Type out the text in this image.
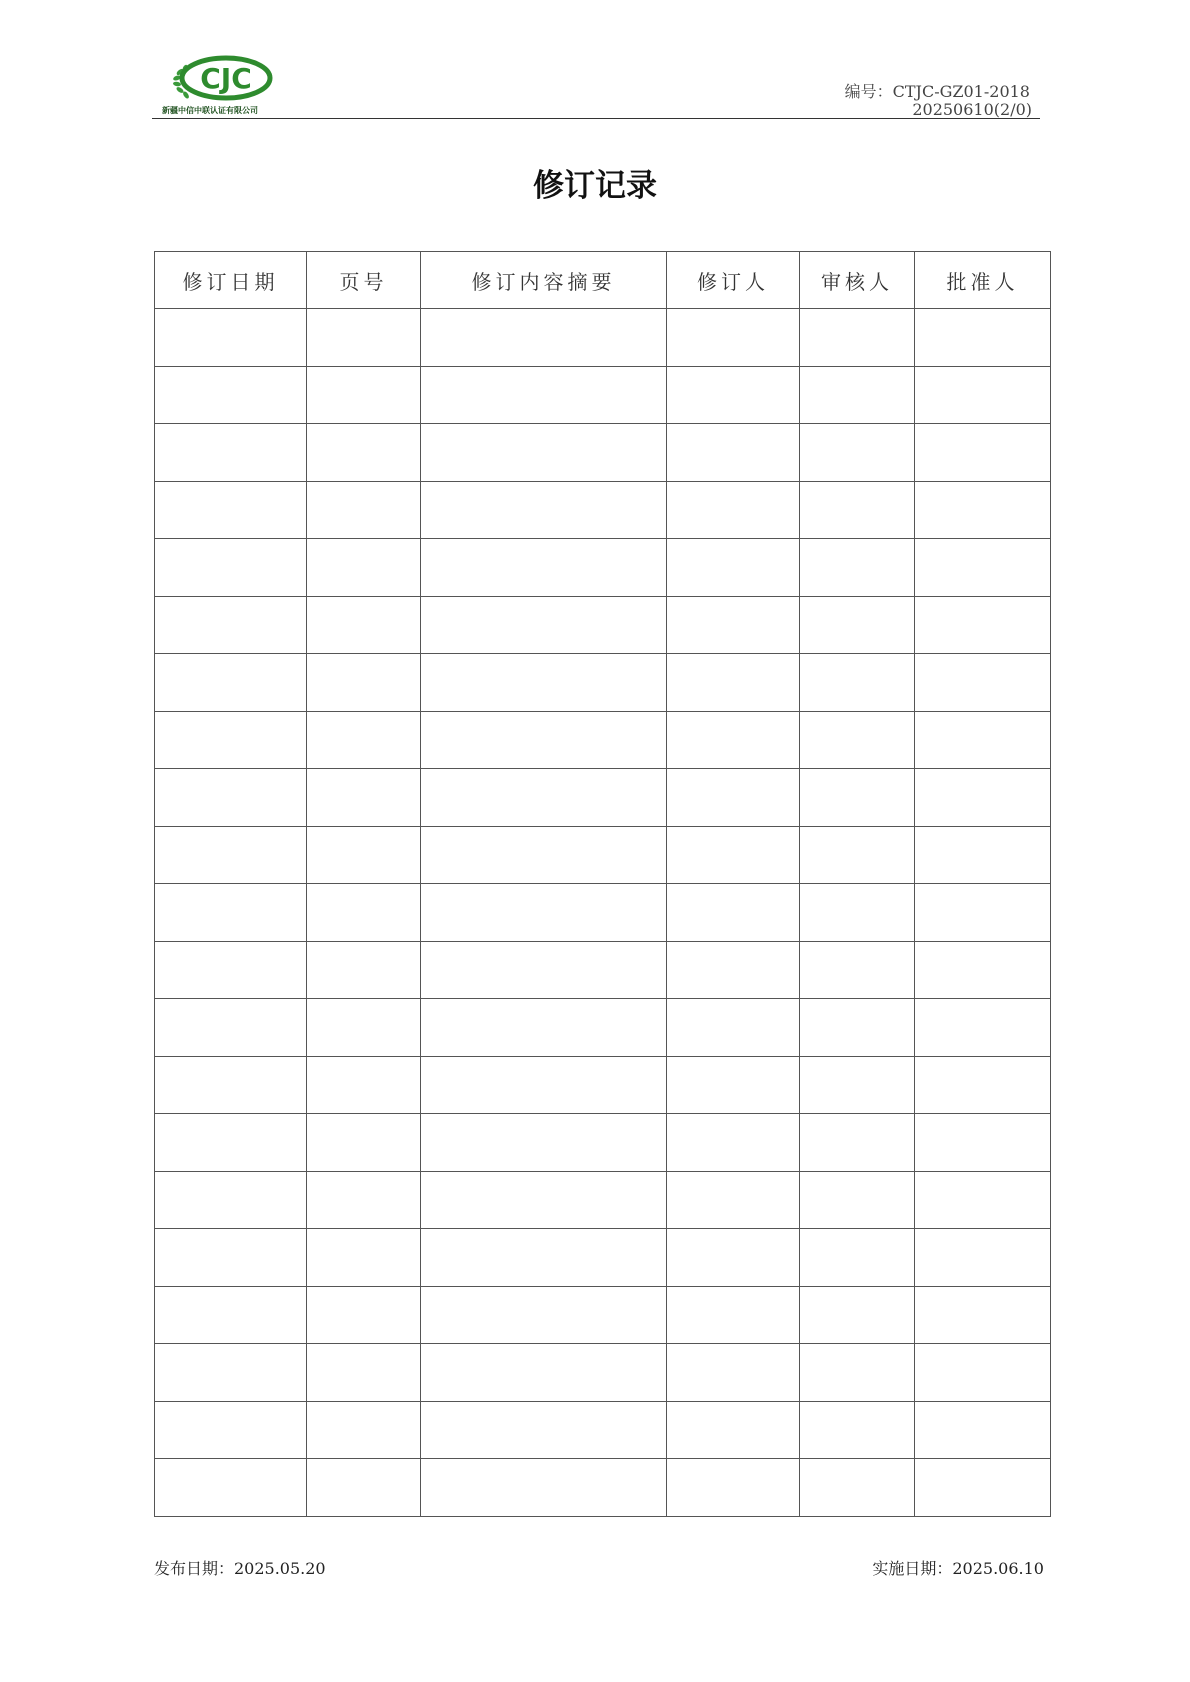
CJC
新疆中信中联认证有限公司
编号：CTJC-GZ01-2018
20250610(2/0)
修订记录
修订日期	页号	修订内容摘要	修订人	审核人	批准人

发布日期：2025.05.20	实施日期：2025.06.10
